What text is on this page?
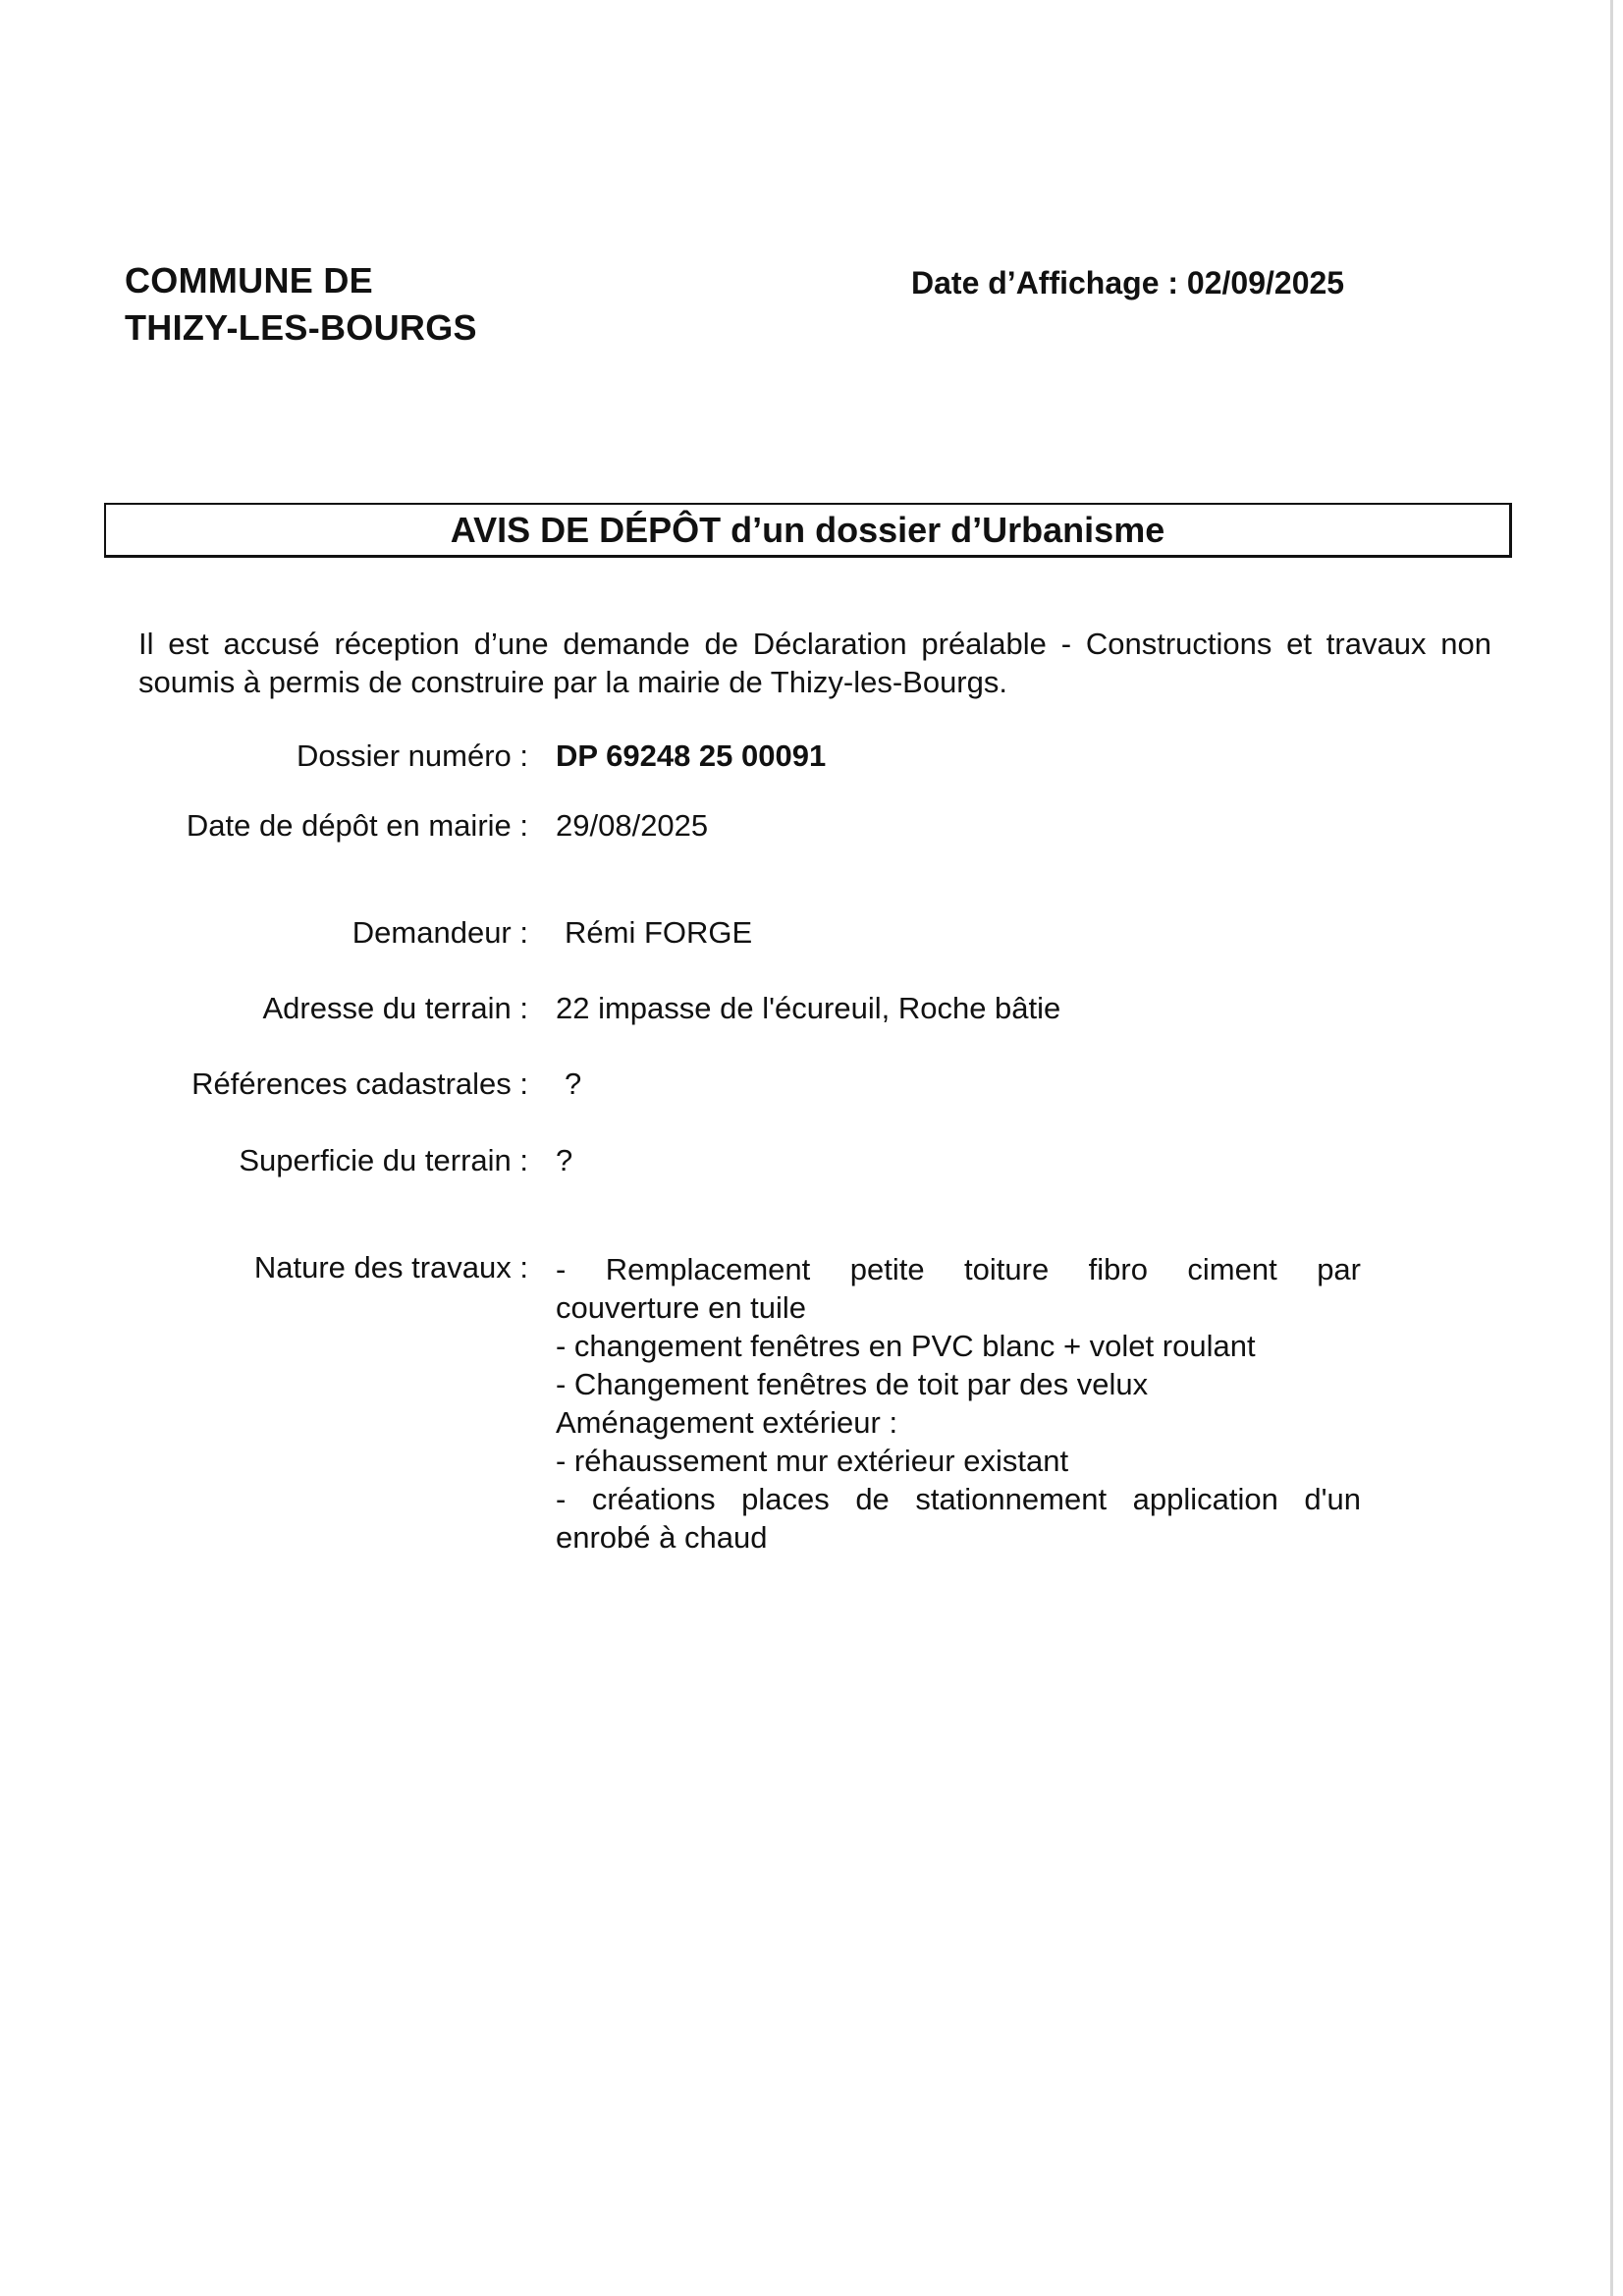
COMMUNE DE
THIZY-LES-BOURGS
Date d’Affichage : 02/09/2025
AVIS DE DÉPÔT d’un dossier d’Urbanisme
Il est accusé réception d’une demande de Déclaration préalable - Constructions et travaux non soumis à permis de construire par la mairie de Thizy-les-Bourgs.
Dossier numéro : DP 69248 25 00091
Date de dépôt en mairie : 29/08/2025
Demandeur : Rémi FORGE
Adresse du terrain : 22 impasse de l'écureuil, Roche bâtie
Références cadastrales : ?
Superficie du terrain : ?
Nature des travaux : - Remplacement petite toiture fibro ciment par
couverture en tuile
- changement fenêtres en PVC blanc + volet roulant
- Changement fenêtres de toit par des velux
Aménagement extérieur :
- réhaussement mur extérieur existant
- créations places de stationnement application d'un
enrobé à chaud
